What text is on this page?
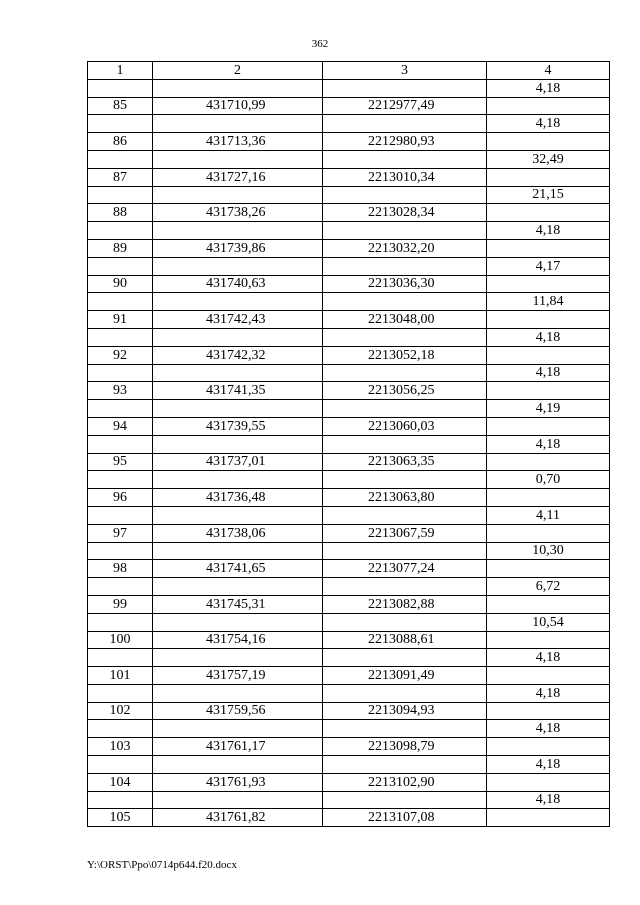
362
1	2	3	4
			4,18
85	431710,99	2212977,49	
			4,18
86	431713,36	2212980,93	
			32,49
87	431727,16	2213010,34	
			21,15
88	431738,26	2213028,34	
			4,18
89	431739,86	2213032,20	
			4,17
90	431740,63	2213036,30	
			11,84
91	431742,43	2213048,00	
			4,18
92	431742,32	2213052,18	
			4,18
93	431741,35	2213056,25	
			4,19
94	431739,55	2213060,03	
			4,18
95	431737,01	2213063,35	
			0,70
96	431736,48	2213063,80	
			4,11
97	431738,06	2213067,59	
			10,30
98	431741,65	2213077,24	
			6,72
99	431745,31	2213082,88	
			10,54
100	431754,16	2213088,61	
			4,18
101	431757,19	2213091,49	
			4,18
102	431759,56	2213094,93	
			4,18
103	431761,17	2213098,79	
			4,18
104	431761,93	2213102,90	
			4,18
105	431761,82	2213107,08	
Y:\ORST\Ppo\0714p644.f20.docx
